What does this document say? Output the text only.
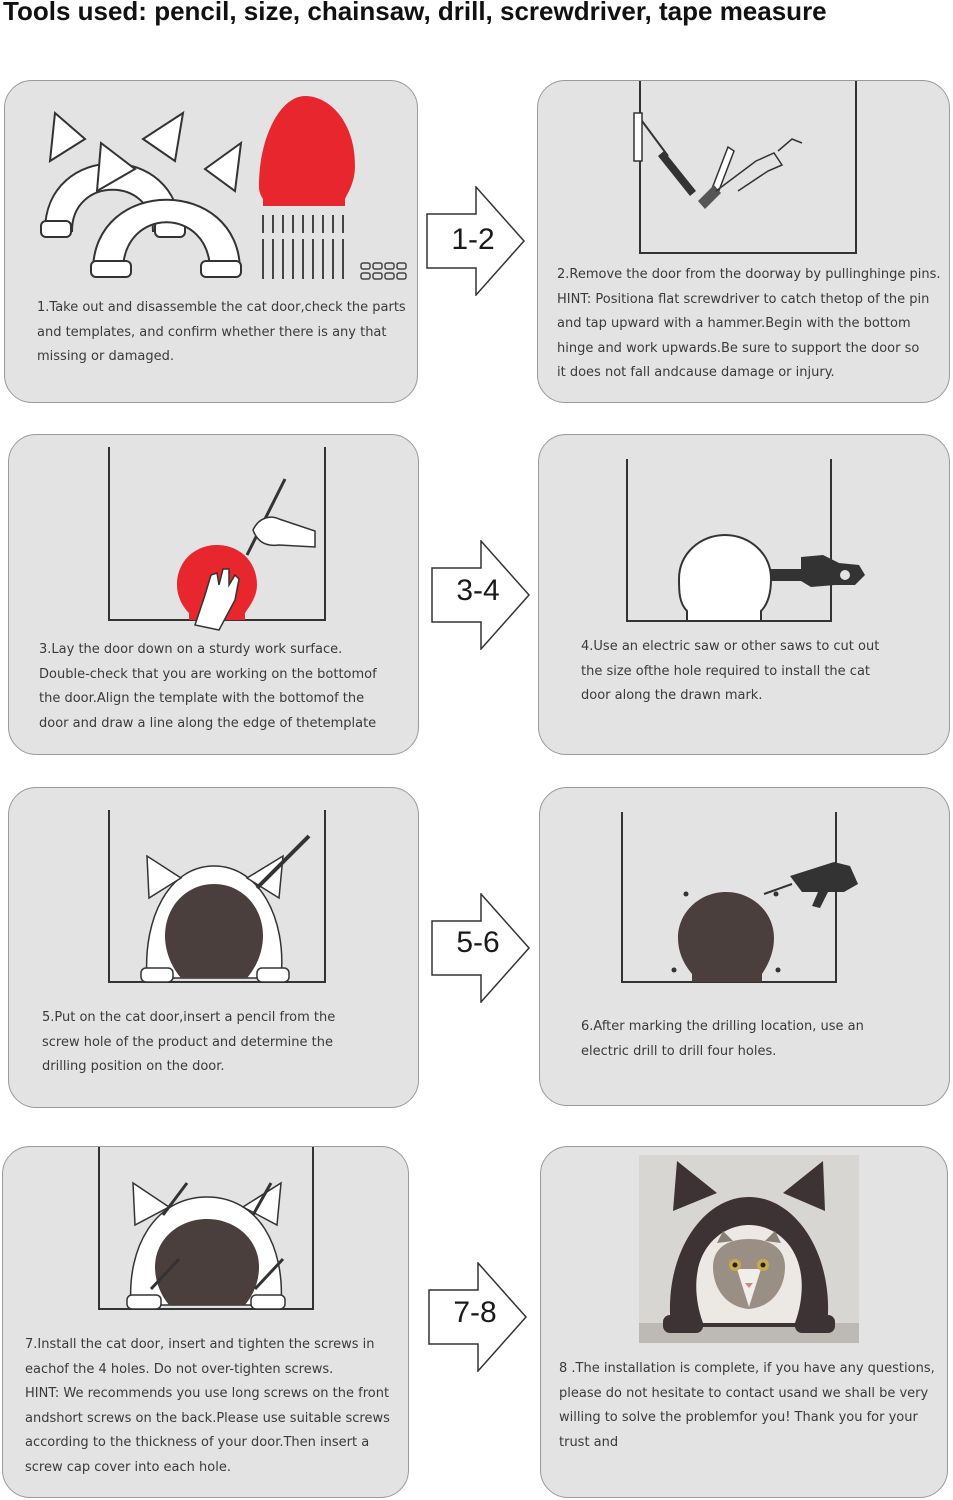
Tools used: pencil, size, chainsaw, drill, screwdriver, tape measure
1.Take out and disassemble the cat door,check the parts
and templates, and confirm whether there is any that
missing or damaged.
2.Remove the door from the doorway by pullinghinge pins.
HINT: Positiona flat screwdriver to catch thetop of the pin
and tap upward with a hammer.Begin with the bottom
hinge and work upwards.Be sure to support the door so
it does not fall andcause damage or injury.
3.Lay the door down on a sturdy work surface.
Double-check that you are working on the bottomof
the door.Align the template with the bottomof the
door and draw a line along the edge of thetemplate
4.Use an electric saw or other saws to cut out
the size ofthe hole required to install the cat
door along the drawn mark.
5.Put on the cat door,insert a pencil from the
screw hole of the product and determine the
drilling position on the door.
6.After marking the drilling location, use an
electric drill to drill four holes.
7.Install the cat door, insert and tighten the screws in
eachof the 4 holes. Do not over-tighten screws.
HINT: We recommends you use long screws on the front
andshort screws on the back.Please use suitable screws
according to the thickness of your door.Then insert a
screw cap cover into each hole.
8 .The installation is complete, if you have any questions,
please do not hesitate to contact usand we shall be very
willing to solve the problemfor you! Thank you for your
trust and
1-2
3-4
5-6
7-8
